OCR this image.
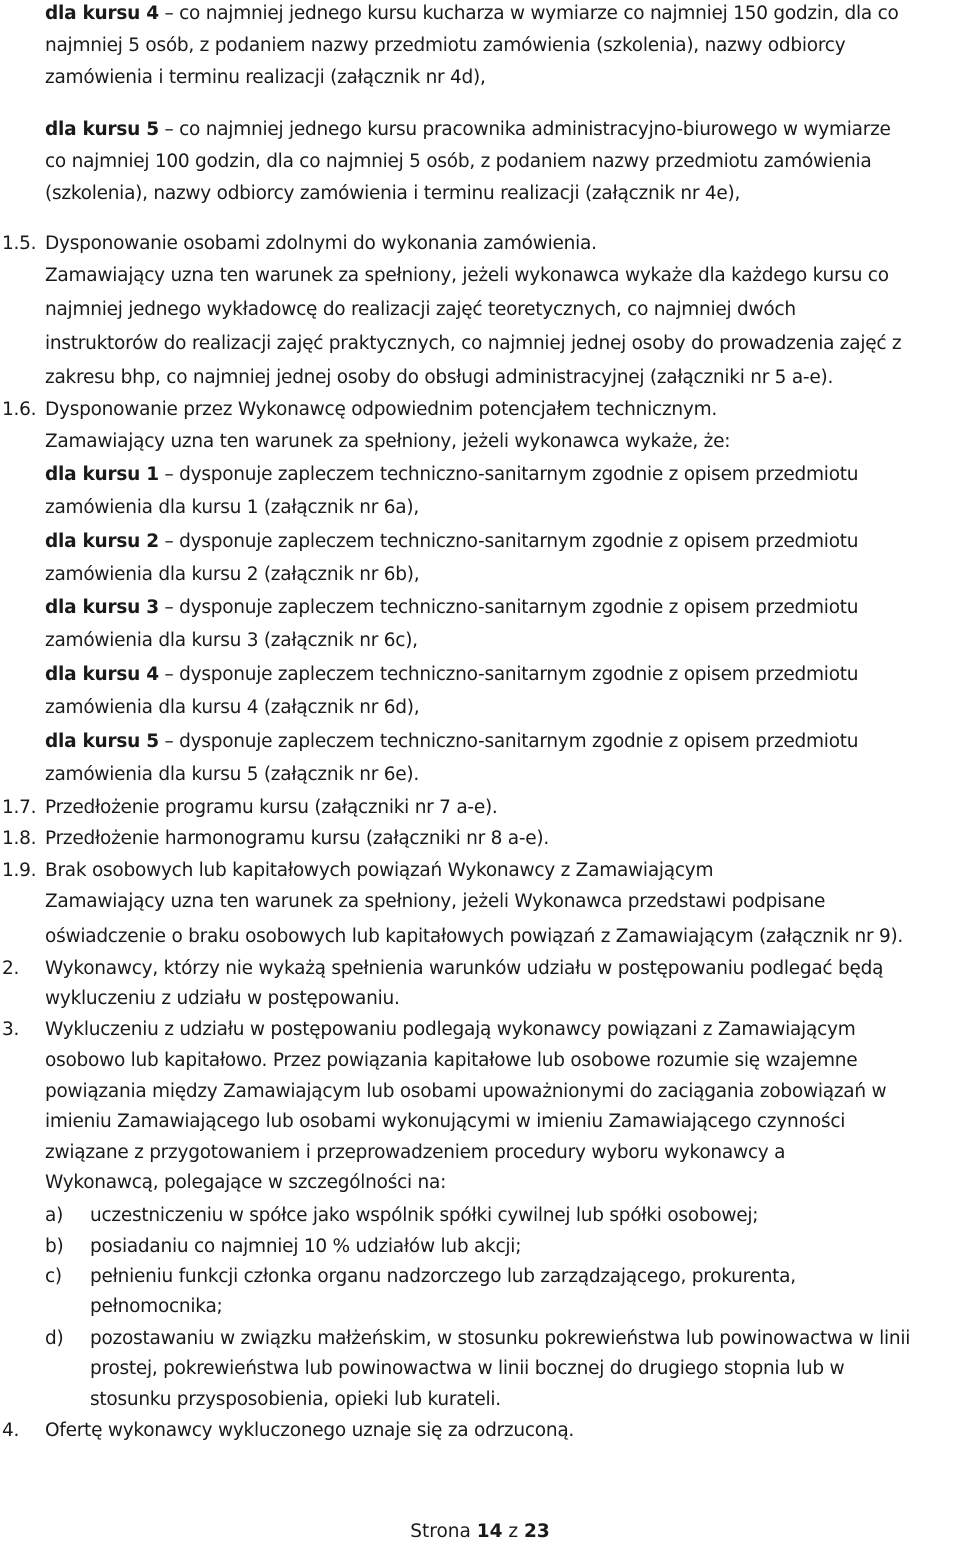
dla kursu 4 – co najmniej jednego kursu kucharza w wymiarze co najmniej 150 godzin, dla co
najmniej 5 osób, z podaniem nazwy przedmiotu zamówienia (szkolenia), nazwy odbiorcy
zamówienia i terminu realizacji (załącznik nr 4d),
dla kursu 5 – co najmniej jednego kursu pracownika administracyjno-biurowego w wymiarze
co najmniej 100 godzin, dla co najmniej 5 osób, z podaniem nazwy przedmiotu zamówienia
(szkolenia), nazwy odbiorcy zamówienia i terminu realizacji (załącznik nr 4e),
1.5. Dysponowanie osobami zdolnymi do wykonania zamówienia.
Zamawiający uzna ten warunek za spełniony, jeżeli wykonawca wykaże dla każdego kursu co
najmniej jednego wykładowcę do realizacji zajęć teoretycznych, co najmniej dwóch
instruktorów do realizacji zajęć praktycznych, co najmniej jednej osoby do prowadzenia zajęć z
zakresu bhp, co najmniej jednej osoby do obsługi administracyjnej (załączniki nr 5 a-e).
1.6. Dysponowanie przez Wykonawcę odpowiednim potencjałem technicznym.
Zamawiający uzna ten warunek za spełniony, jeżeli wykonawca wykaże, że:
dla kursu 1 – dysponuje zapleczem techniczno-sanitarnym zgodnie z opisem przedmiotu
zamówienia dla kursu 1 (załącznik nr 6a),
dla kursu 2 – dysponuje zapleczem techniczno-sanitarnym zgodnie z opisem przedmiotu
zamówienia dla kursu 2 (załącznik nr 6b),
dla kursu 3 – dysponuje zapleczem techniczno-sanitarnym zgodnie z opisem przedmiotu
zamówienia dla kursu 3 (załącznik nr 6c),
dla kursu 4 – dysponuje zapleczem techniczno-sanitarnym zgodnie z opisem przedmiotu
zamówienia dla kursu 4 (załącznik nr 6d),
dla kursu 5 – dysponuje zapleczem techniczno-sanitarnym zgodnie z opisem przedmiotu
zamówienia dla kursu 5 (załącznik nr 6e).
1.7. Przedłożenie programu kursu (załączniki nr 7 a-e).
1.8. Przedłożenie harmonogramu kursu (załączniki nr 8 a-e).
1.9. Brak osobowych lub kapitałowych powiązań Wykonawcy z Zamawiającym
Zamawiający uzna ten warunek za spełniony, jeżeli Wykonawca przedstawi podpisane
oświadczenie o braku osobowych lub kapitałowych powiązań z Zamawiającym (załącznik nr 9).
2. Wykonawcy, którzy nie wykażą spełnienia warunków udziału w postępowaniu podlegać będą
wykluczeniu z udziału w postępowaniu.
3. Wykluczeniu z udziału w postępowaniu podlegają wykonawcy powiązani z Zamawiającym
osobowo lub kapitałowo. Przez powiązania kapitałowe lub osobowe rozumie się wzajemne
powiązania między Zamawiającym lub osobami upoważnionymi do zaciągania zobowiązań w
imieniu Zamawiającego lub osobami wykonującymi w imieniu Zamawiającego czynności
związane z przygotowaniem i przeprowadzeniem procedury wyboru wykonawcy a
Wykonawcą, polegające w szczególności na:
a) uczestniczeniu w spółce jako wspólnik spółki cywilnej lub spółki osobowej;
b) posiadaniu co najmniej 10 % udziałów lub akcji;
c) pełnieniu funkcji członka organu nadzorczego lub zarządzającego, prokurenta,
pełnomocnika;
d) pozostawaniu w związku małżeńskim, w stosunku pokrewieństwa lub powinowactwa w linii
prostej, pokrewieństwa lub powinowactwa w linii bocznej do drugiego stopnia lub w
stosunku przysposobienia, opieki lub kurateli.
4. Ofertę wykonawcy wykluczonego uznaje się za odrzuconą.
Strona 14 z 23
